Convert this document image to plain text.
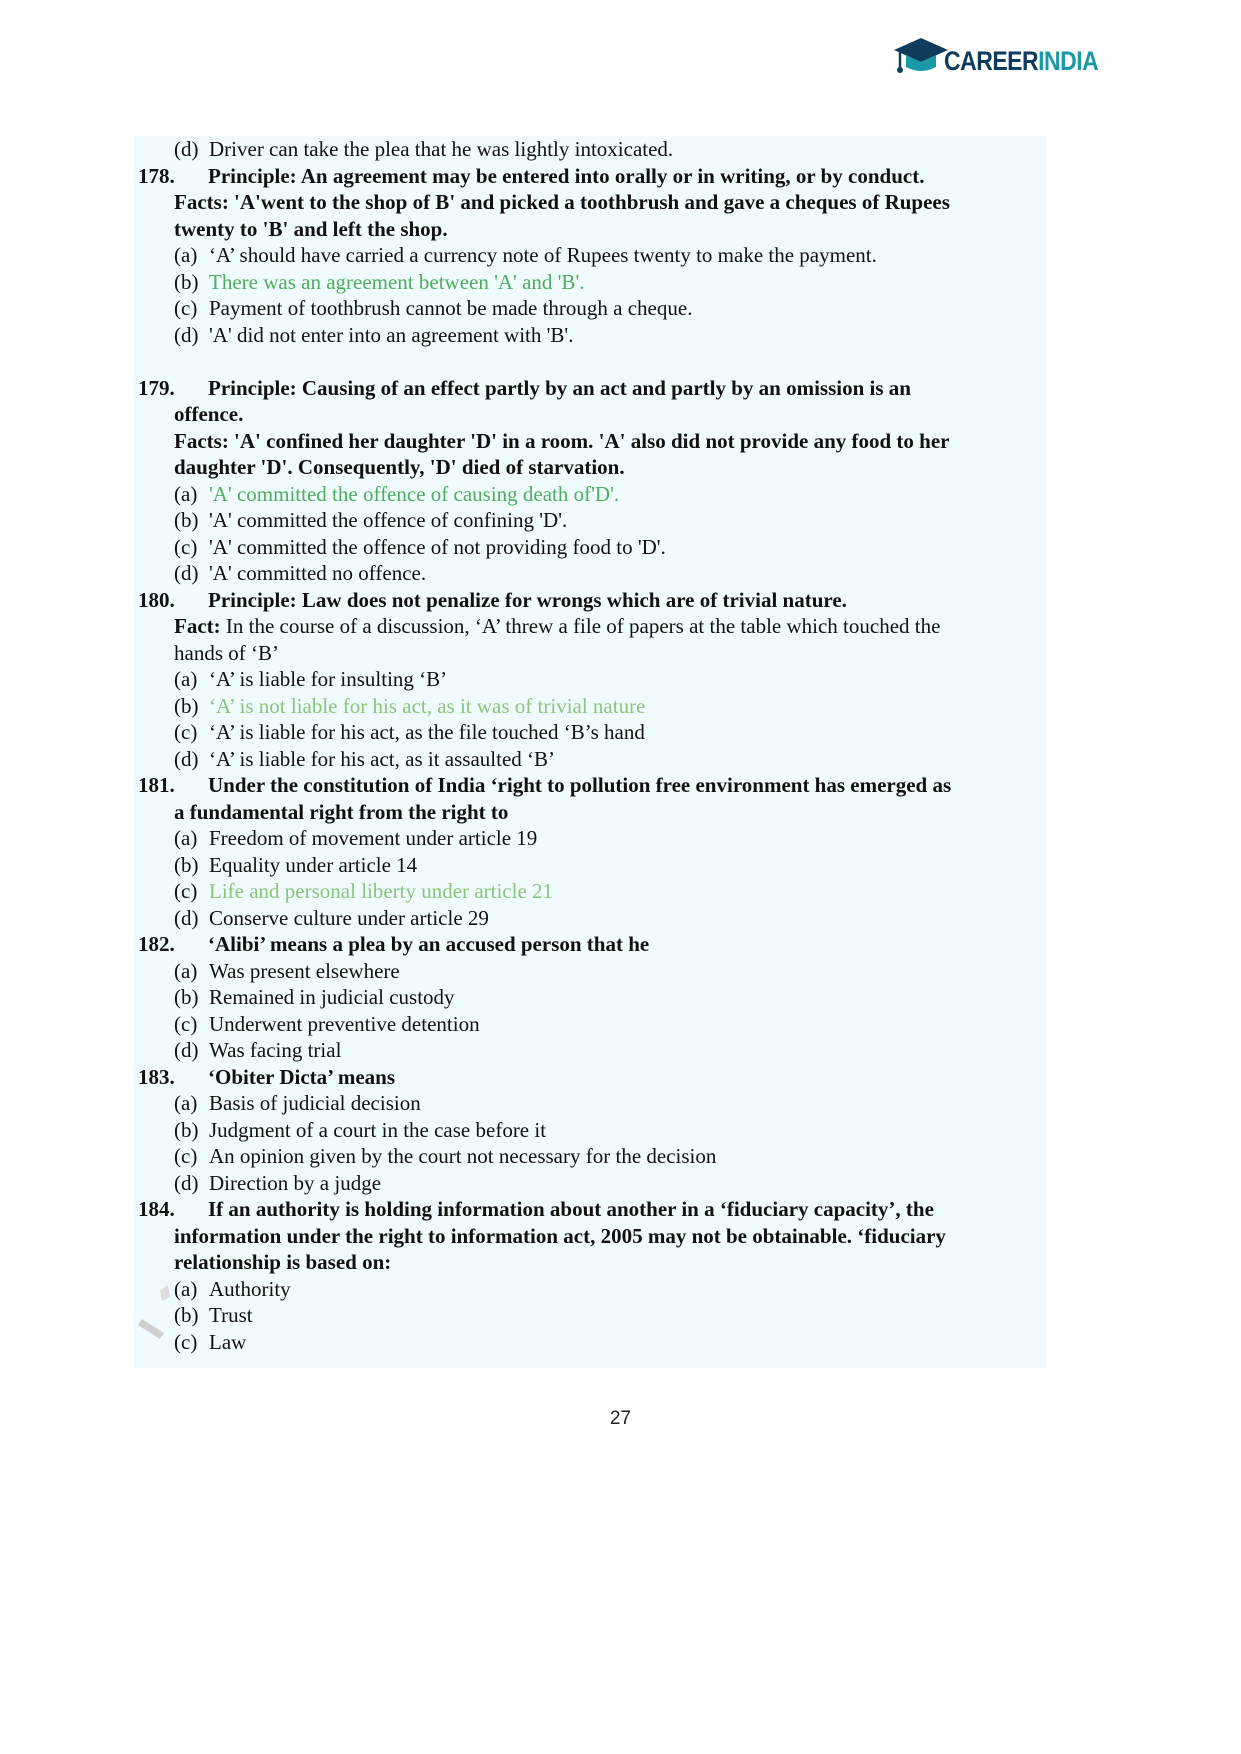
CAREERINDIA
(d) Driver can take the plea that he was lightly intoxicated.
178. Principle: An agreement may be entered into orally or in writing, or by conduct.
Facts: 'A'went to the shop of B' and picked a toothbrush and gave a cheques of Rupees
twenty to 'B' and left the shop.
(a) ‘A’ should have carried a currency note of Rupees twenty to make the payment.
(b) There was an agreement between 'A' and 'B'.
(c) Payment of toothbrush cannot be made through a cheque.
(d) 'A' did not enter into an agreement with 'B'.
179. Principle: Causing of an effect partly by an act and partly by an omission is an
offence.
Facts: 'A' confined her daughter 'D' in a room. 'A' also did not provide any food to her
daughter 'D'. Consequently, 'D' died of starvation.
(a) 'A' committed the offence of causing death of'D'.
(b) 'A' committed the offence of confining 'D'.
(c) 'A' committed the offence of not providing food to 'D'.
(d) 'A' committed no offence.
180. Principle: Law does not penalize for wrongs which are of trivial nature.
Fact: In the course of a discussion, ‘A’ threw a file of papers at the table which touched the
hands of ‘B’
(a) ‘A’ is liable for insulting ‘B’
(b) ‘A’ is not liable for his act, as it was of trivial nature
(c) ‘A’ is liable for his act, as the file touched ‘B’s hand
(d) ‘A’ is liable for his act, as it assaulted ‘B’
181. Under the constitution of India ‘right to pollution free environment has emerged as
a fundamental right from the right to
(a) Freedom of movement under article 19
(b) Equality under article 14
(c) Life and personal liberty under article 21
(d) Conserve culture under article 29
182. ‘Alibi’ means a plea by an accused person that he
(a) Was present elsewhere
(b) Remained in judicial custody
(c) Underwent preventive detention
(d) Was facing trial
183. ‘Obiter Dicta’ means
(a) Basis of judicial decision
(b) Judgment of a court in the case before it
(c) An opinion given by the court not necessary for the decision
(d) Direction by a judge
184. If an authority is holding information about another in a ‘fiduciary capacity’, the
information under the right to information act, 2005 may not be obtainable. ‘fiduciary
relationship is based on:
(a) Authority
(b) Trust
(c) Law
27
